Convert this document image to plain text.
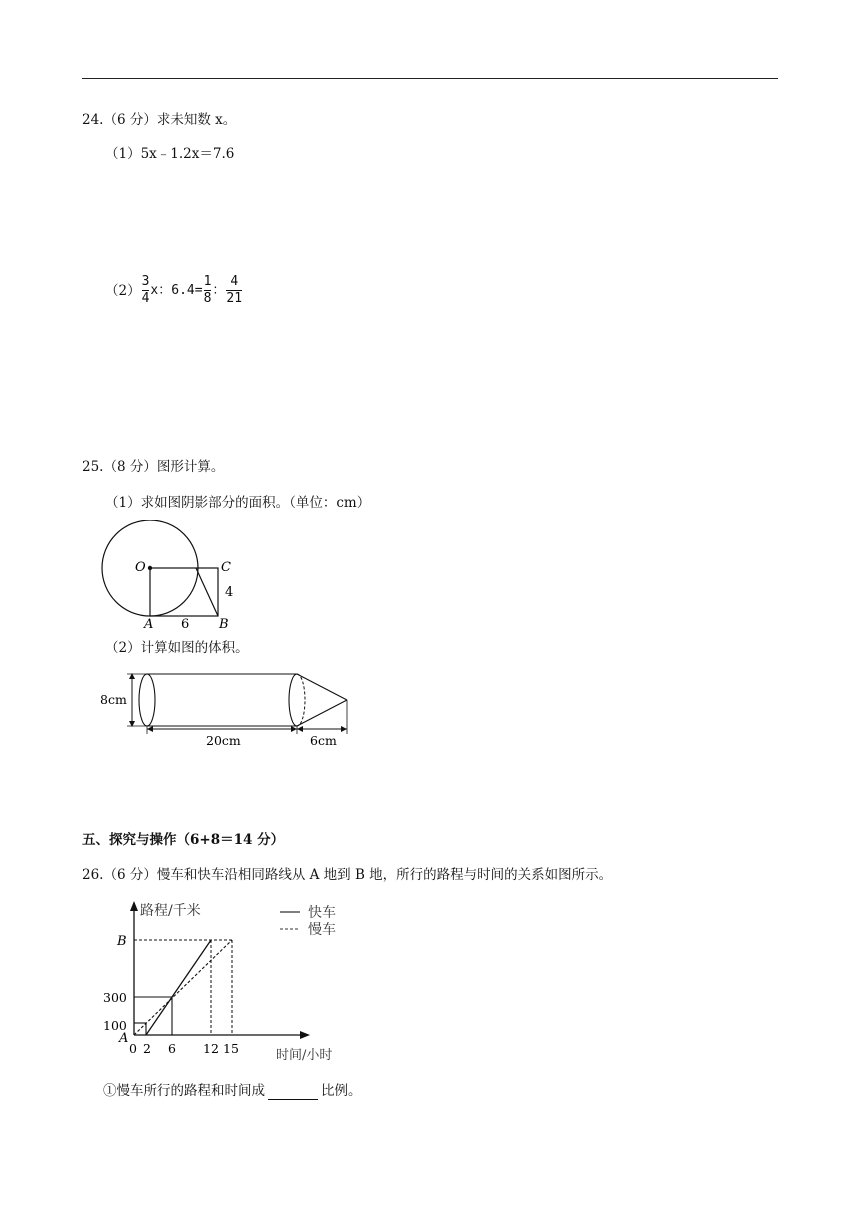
24.（6 分）求未知数 x。
（1）5x﹣1.2x＝7.6
$(2) \frac{3}{4}$ x：$6.4= \frac{1}{8}$ ： $\frac{4}{21}$
25.（8 分）图形计算。
（1）求如图阴影部分的面积。（单位：cm）
O	C
4
A 6 B
（2）计算如图的体积。
8cm
20cm	6cm
五、探究与操作（6+8＝14 分）
26.（6 分）慢车和快车沿相同路线从 A 地到 B 地，所行的路程与时间的关系如图所示。
路程/千米
时间/小时
快车
慢车
B
300
100
A
0 2 6 12 15
①慢车所行的路程和时间成	比例。
